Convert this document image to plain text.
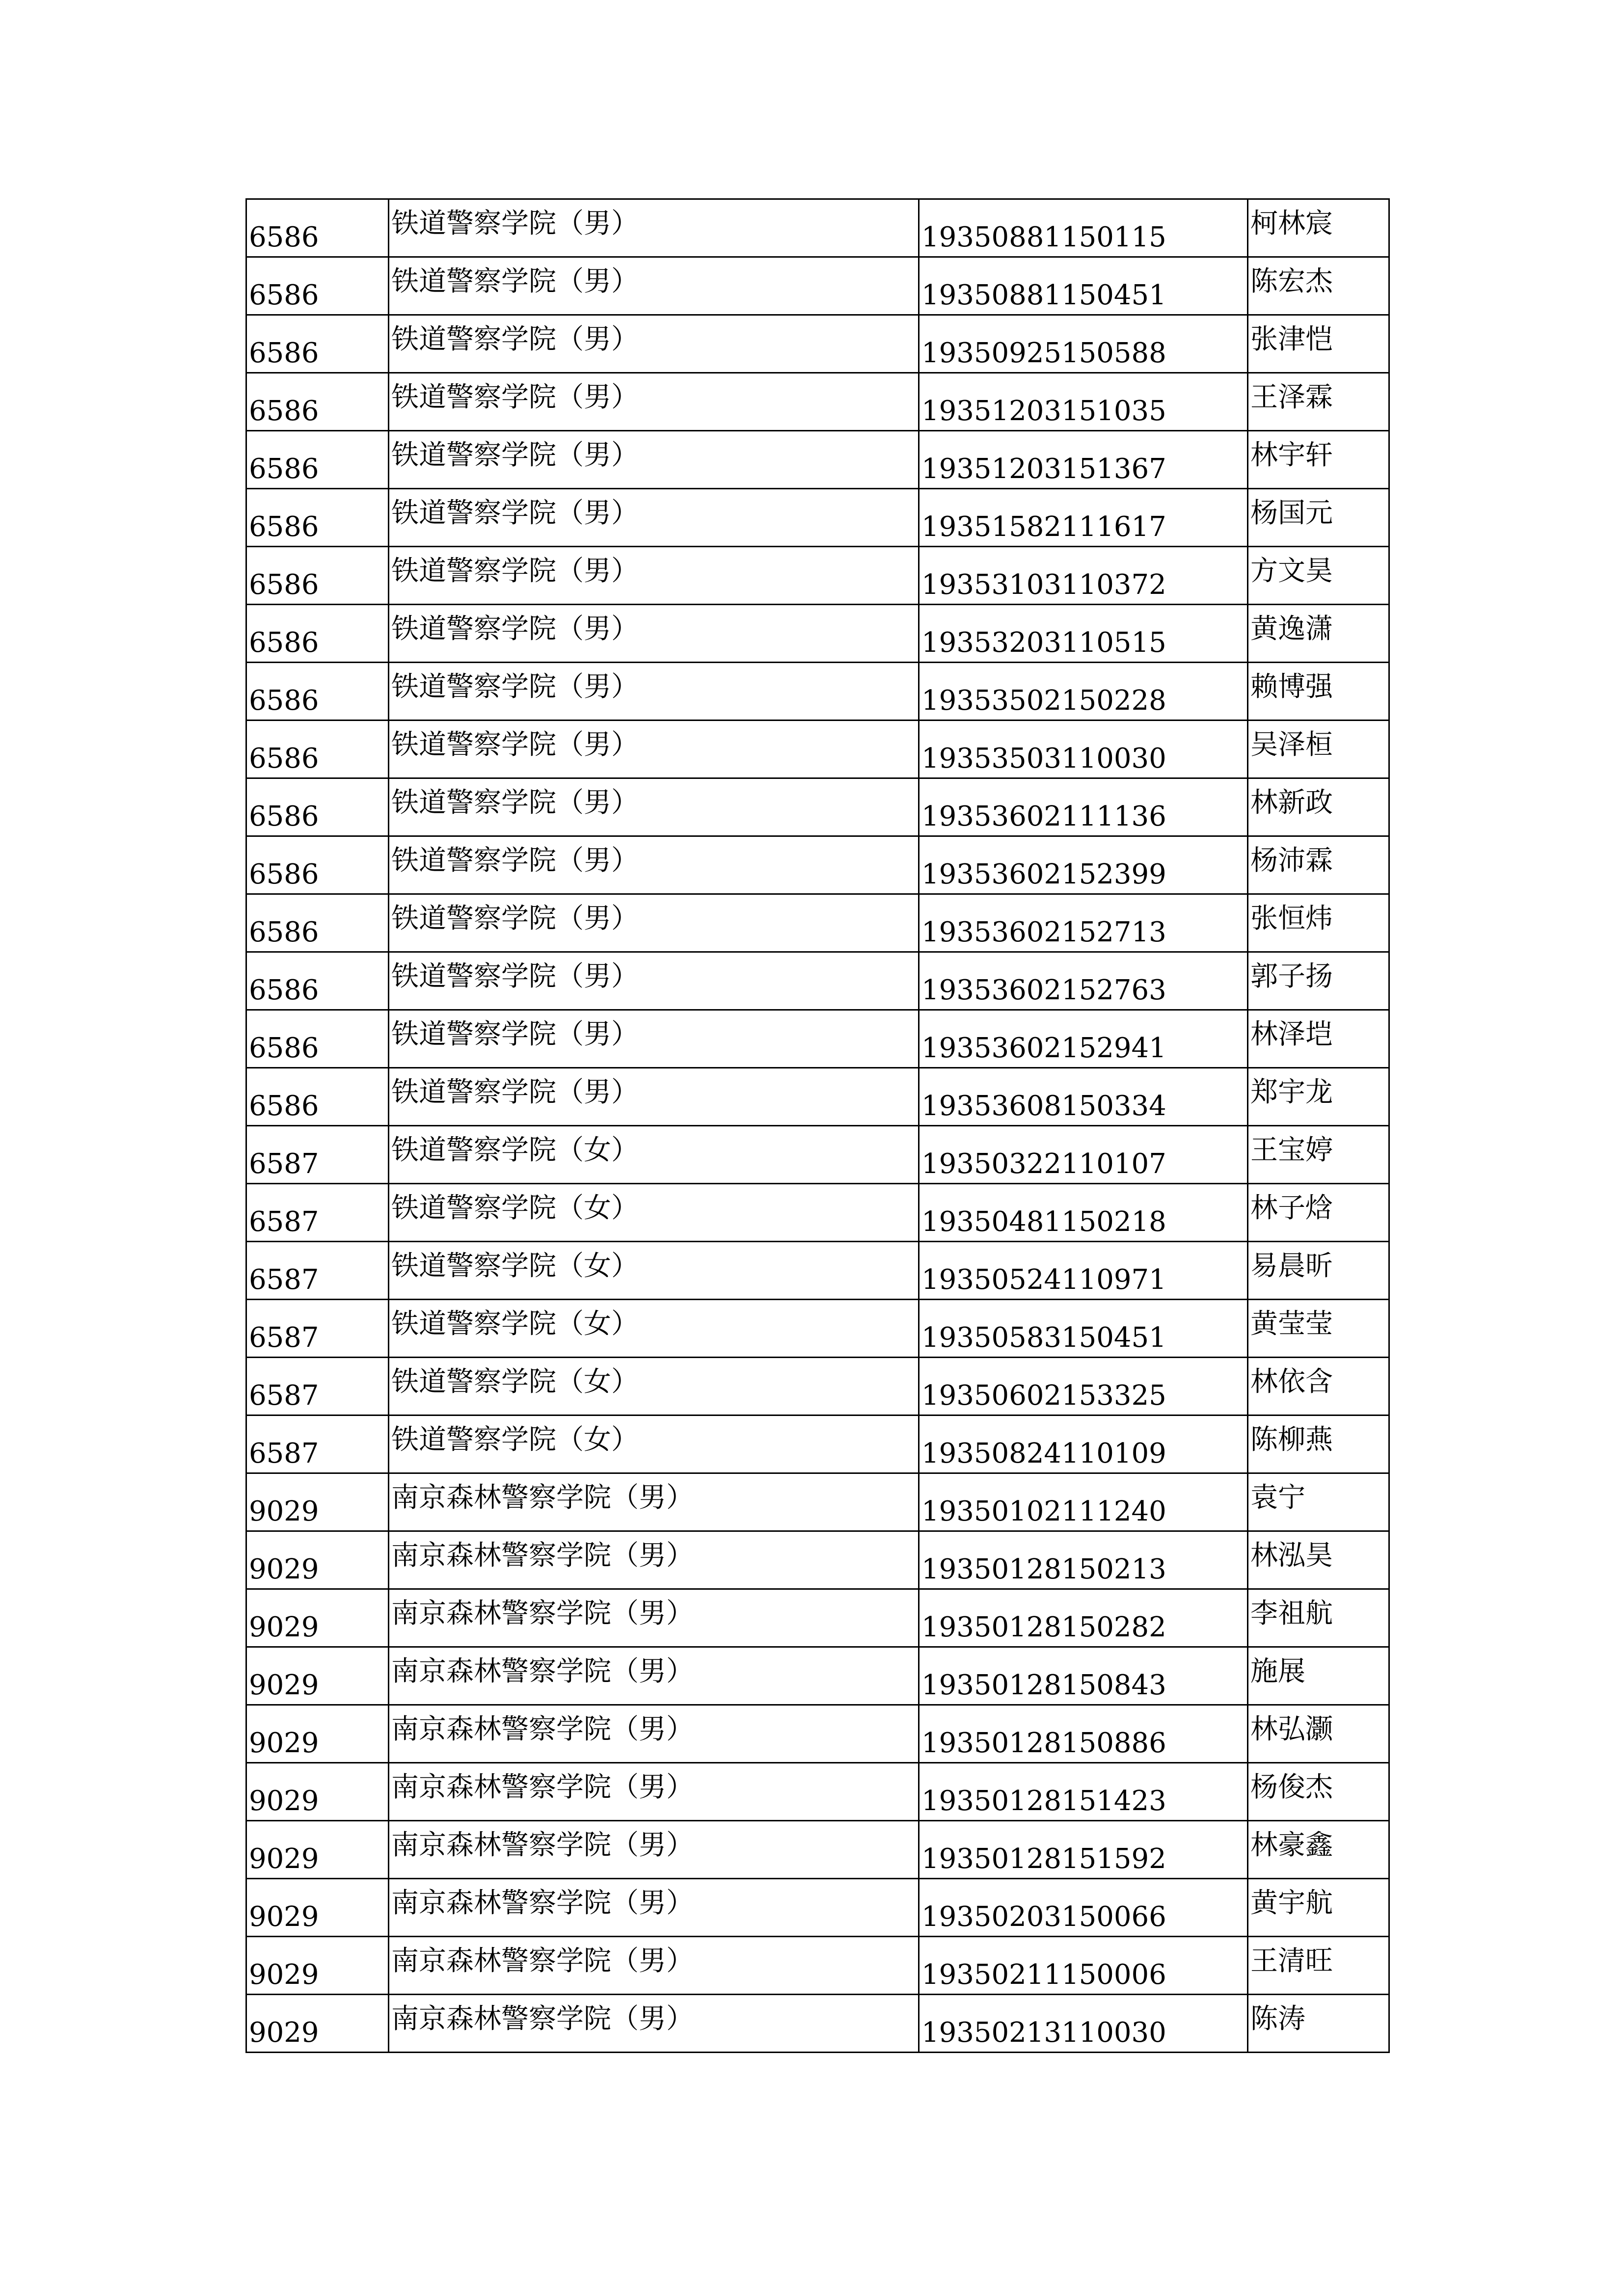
6586	铁道警察学院（男）	19350881150115	柯林宸
6586	铁道警察学院（男）	19350881150451	陈宏杰
6586	铁道警察学院（男）	19350925150588	张津恺
6586	铁道警察学院（男）	19351203151035	王泽霖
6586	铁道警察学院（男）	19351203151367	林宇轩
6586	铁道警察学院（男）	19351582111617	杨国元
6586	铁道警察学院（男）	19353103110372	方文昊
6586	铁道警察学院（男）	19353203110515	黄逸潇
6586	铁道警察学院（男）	19353502150228	赖博强
6586	铁道警察学院（男）	19353503110030	吴泽桓
6586	铁道警察学院（男）	19353602111136	林新政
6586	铁道警察学院（男）	19353602152399	杨沛霖
6586	铁道警察学院（男）	19353602152713	张恒炜
6586	铁道警察学院（男）	19353602152763	郭子扬
6586	铁道警察学院（男）	19353602152941	林泽垲
6586	铁道警察学院（男）	19353608150334	郑宇龙
6587	铁道警察学院（女）	19350322110107	王宝婷
6587	铁道警察学院（女）	19350481150218	林子焓
6587	铁道警察学院（女）	19350524110971	易晨昕
6587	铁道警察学院（女）	19350583150451	黄莹莹
6587	铁道警察学院（女）	19350602153325	林依含
6587	铁道警察学院（女）	19350824110109	陈柳燕
9029	南京森林警察学院（男）	19350102111240	袁宁
9029	南京森林警察学院（男）	19350128150213	林泓昊
9029	南京森林警察学院（男）	19350128150282	李祖航
9029	南京森林警察学院（男）	19350128150843	施展
9029	南京森林警察学院（男）	19350128150886	林弘灏
9029	南京森林警察学院（男）	19350128151423	杨俊杰
9029	南京森林警察学院（男）	19350128151592	林豪鑫
9029	南京森林警察学院（男）	19350203150066	黄宇航
9029	南京森林警察学院（男）	19350211150006	王清旺
9029	南京森林警察学院（男）	19350213110030	陈涛
